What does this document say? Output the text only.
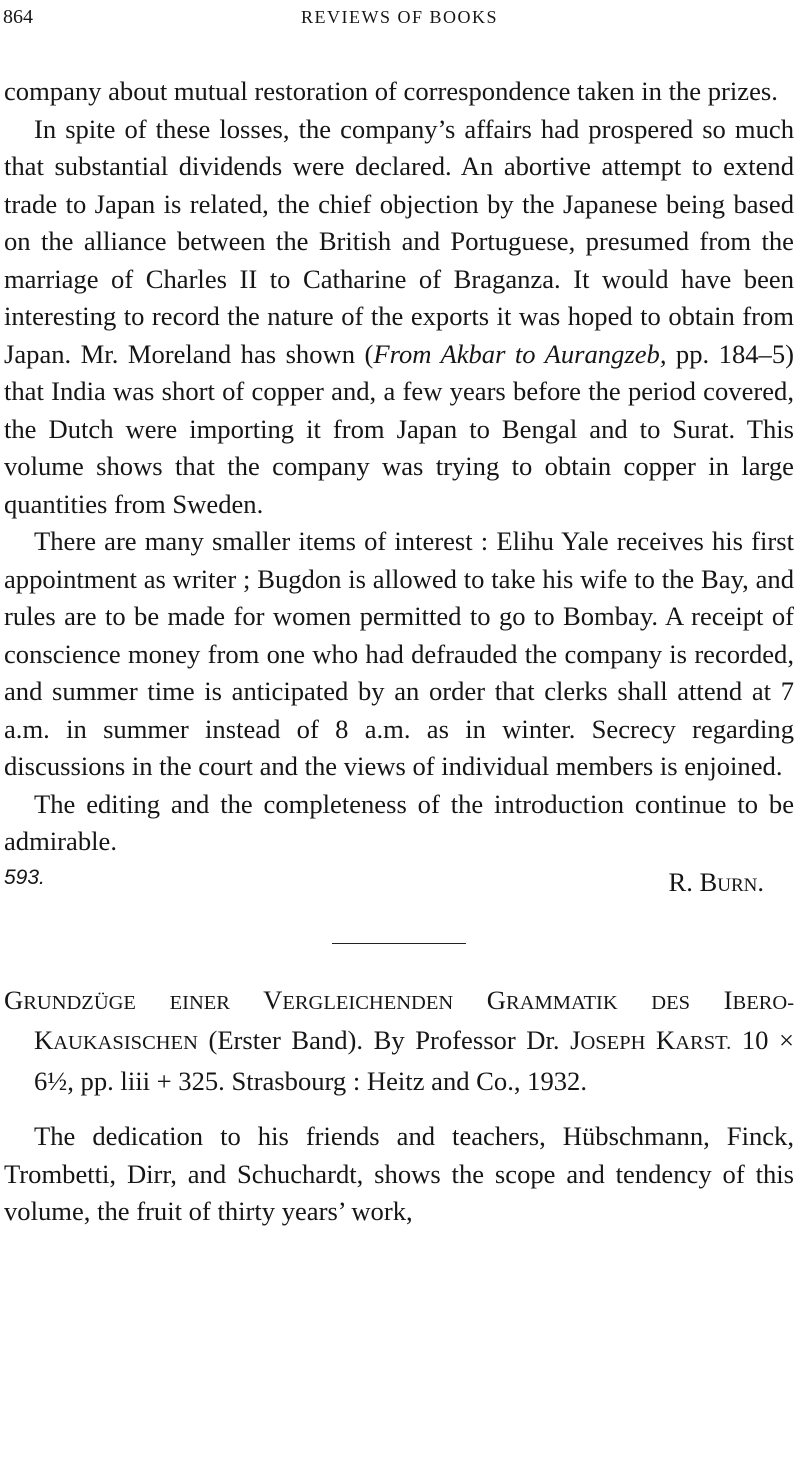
864	REVIEWS OF BOOKS

company about mutual restoration of correspondence taken in the prizes.

In spite of these losses, the company’s affairs had prospered so much that substantial dividends were declared. An abortive attempt to extend trade to Japan is related, the chief objection by the Japanese being based on the alliance between the British and Portuguese, presumed from the marriage of Charles II to Catharine of Braganza. It would have been interesting to record the nature of the exports it was hoped to obtain from Japan. Mr. Moreland has shown (From Akbar to Aurangzeb, pp. 184–5) that India was short of copper and, a few years before the period covered, the Dutch were importing it from Japan to Bengal and to Surat. This volume shows that the company was trying to obtain copper in large quantities from Sweden.

There are many smaller items of interest : Elihu Yale receives his first appointment as writer ; Bugdon is allowed to take his wife to the Bay, and rules are to be made for women permitted to go to Bombay. A receipt of conscience money from one who had defrauded the company is recorded, and summer time is anticipated by an order that clerks shall attend at 7 a.m. in summer instead of 8 a.m. as in winter. Secrecy regarding discussions in the court and the views of individual members is enjoined.

The editing and the completeness of the introduction continue to be admirable.

593.	R. Burn.
GRUNDZÜGE EINER VERGLEICHENDEN GRAMMATIK DES IBERO-KAUKASISCHEN (Erster Band). By Professor Dr. JOSEPH KARST. 10 × 6½, pp. liii + 325. Strasbourg : Heitz and Co., 1932.

The dedication to his friends and teachers, Hübschmann, Finck, Trombetti, Dirr, and Schuchardt, shows the scope and tendency of this volume, the fruit of thirty years’ work,
